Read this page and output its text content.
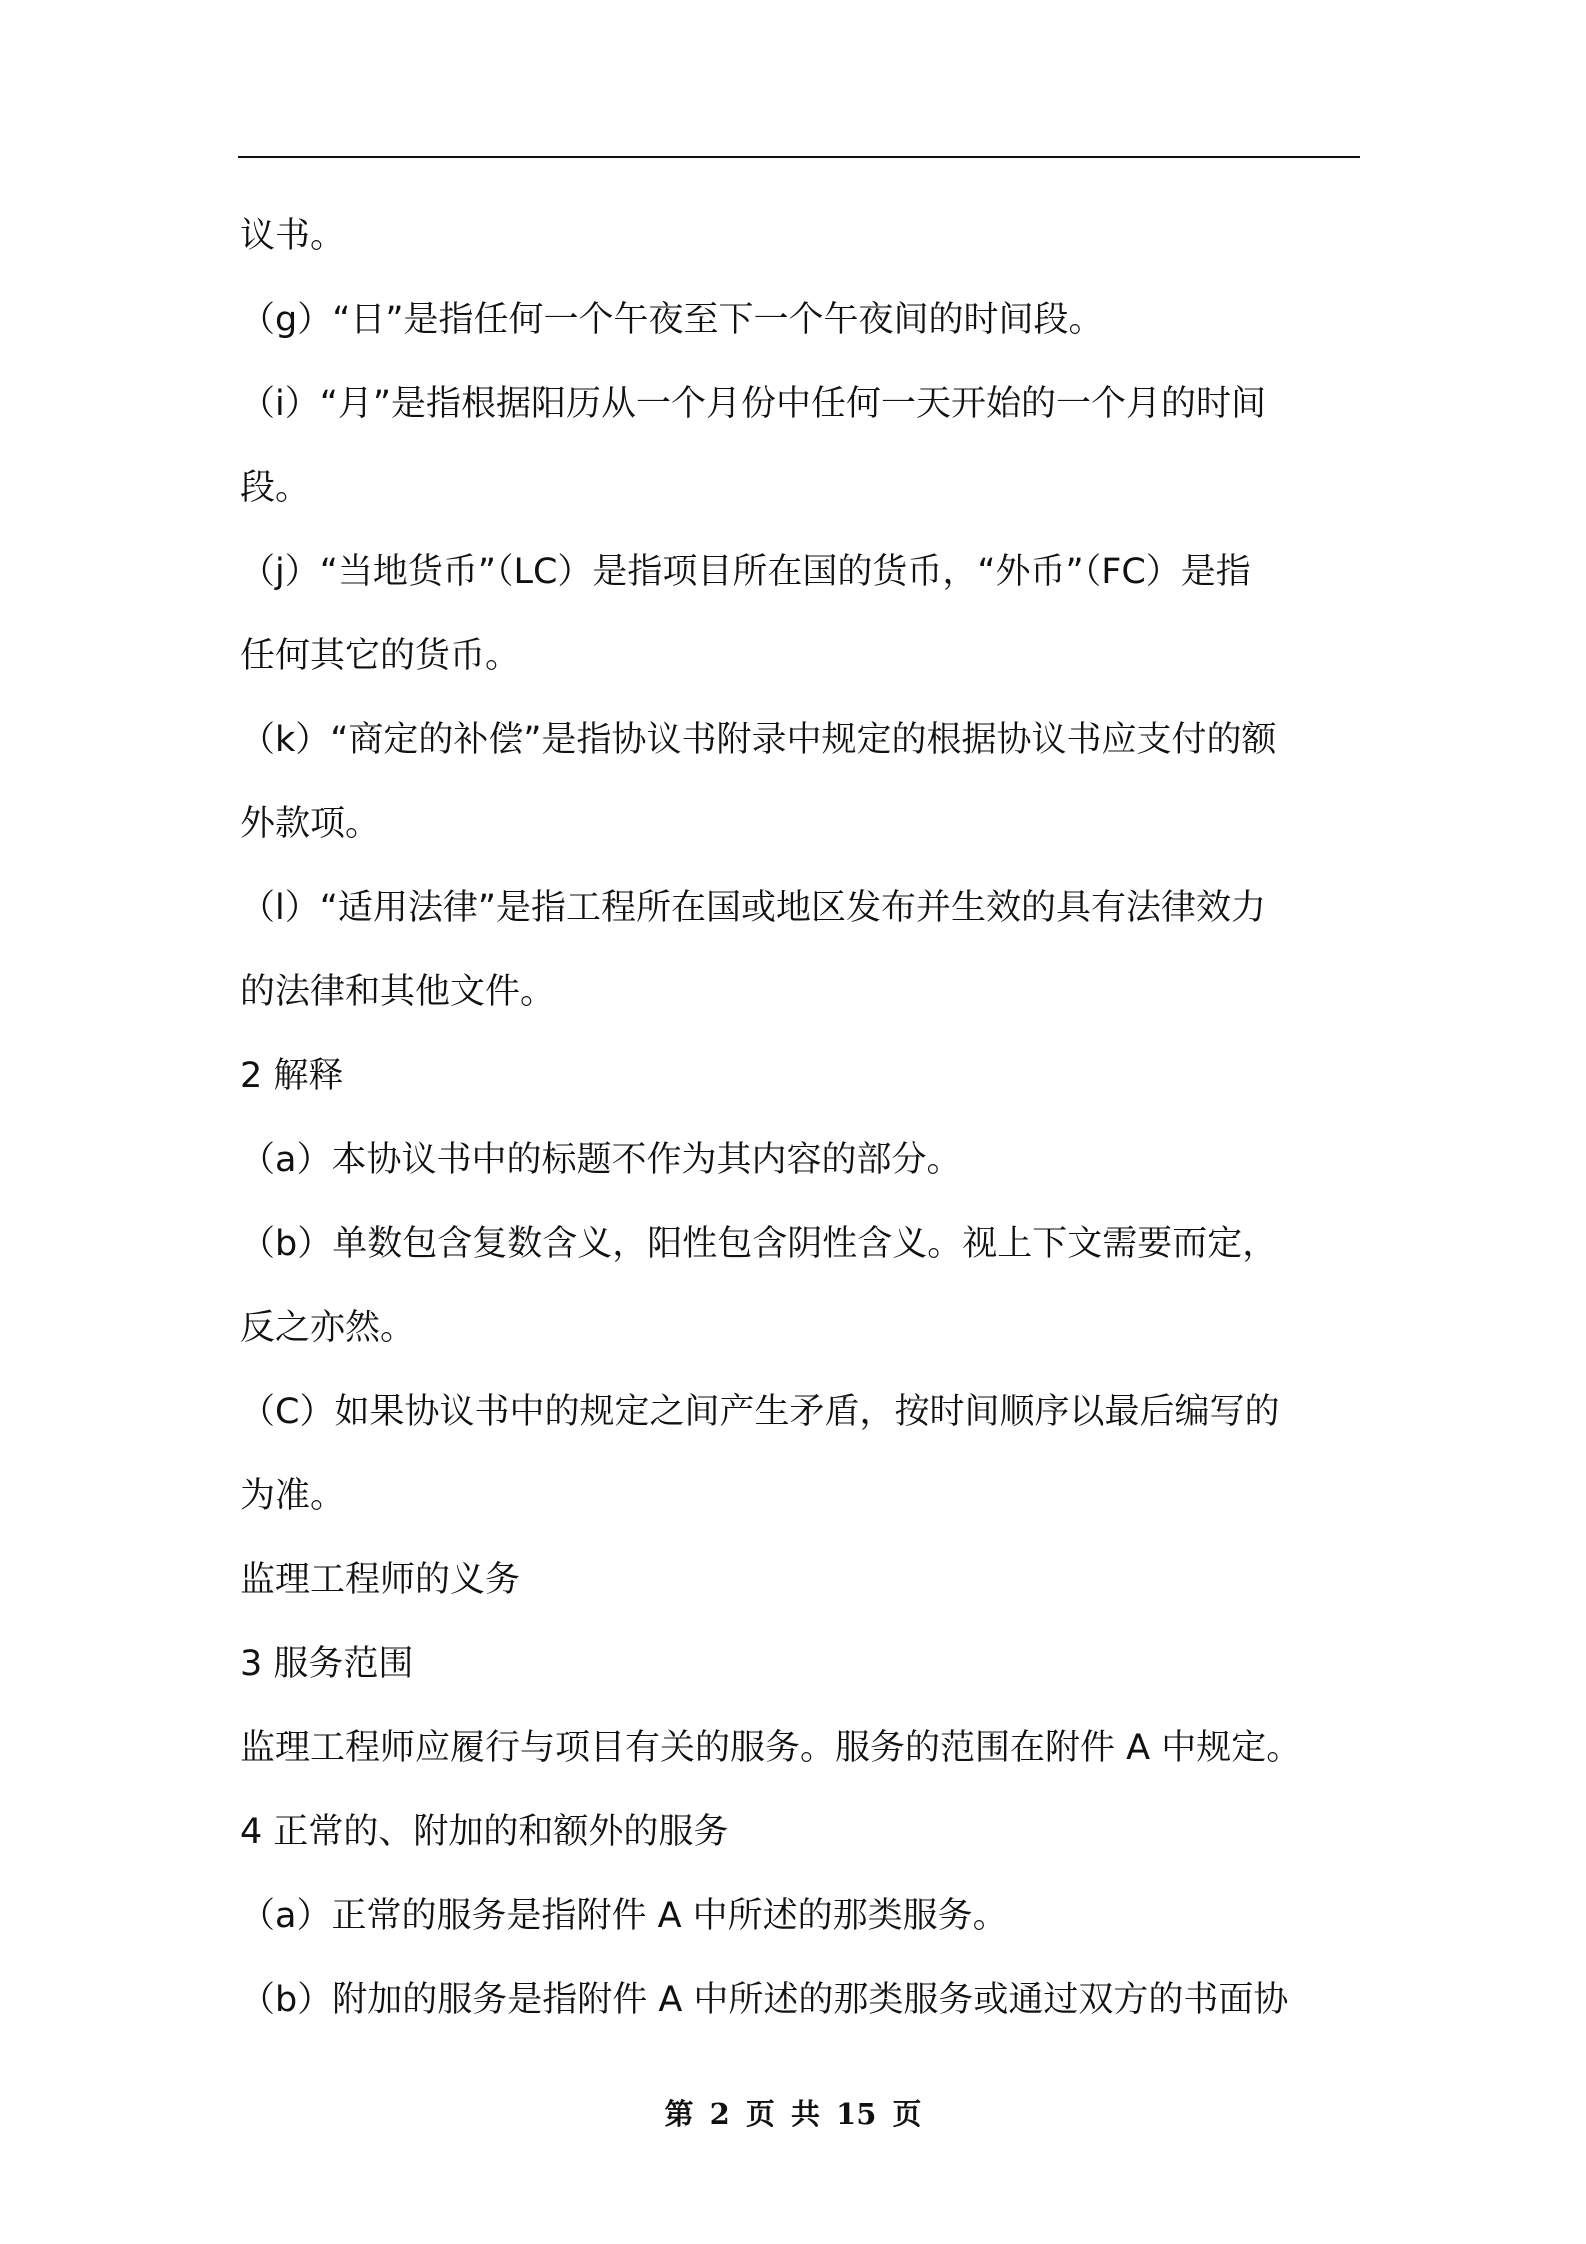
议书。
（g）“日”是指任何一个午夜至下一个午夜间的时间段。
（i）“月”是指根据阳历从一个月份中任何一天开始的一个月的时间
段。
（j）“当地货币”（LC）是指项目所在国的货币，“外币”（FC）是指
任何其它的货币。
（k）“商定的补偿”是指协议书附录中规定的根据协议书应支付的额
外款项。
（l）“适用法律”是指工程所在国或地区发布并生效的具有法律效力
的法律和其他文件。
2 解释
（a）本协议书中的标题不作为其内容的部分。
（b）单数包含复数含义，阳性包含阴性含义。视上下文需要而定，
反之亦然。
（C）如果协议书中的规定之间产生矛盾，按时间顺序以最后编写的
为准。
监理工程师的义务
3 服务范围
监理工程师应履行与项目有关的服务。服务的范围在附件 A 中规定。
4 正常的、附加的和额外的服务
（a）正常的服务是指附件 A 中所述的那类服务。
（b）附加的服务是指附件 A 中所述的那类服务或通过双方的书面协
第 2 页 共 15 页
